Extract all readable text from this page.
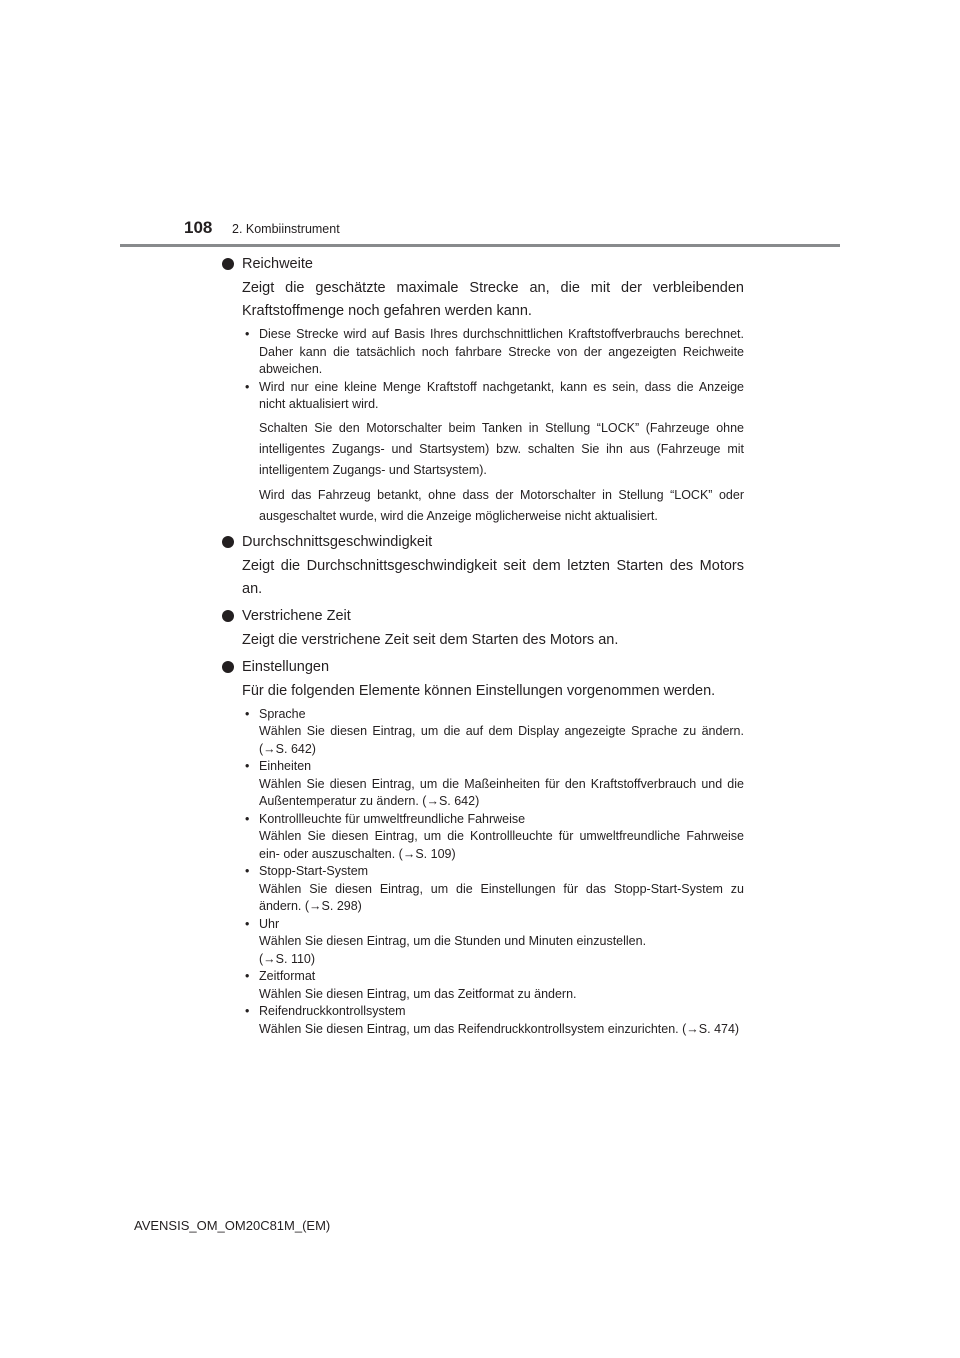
108 2. Kombiinstrument
Reichweite
Zeigt die geschätzte maximale Strecke an, die mit der verbleibenden Kraftstoffmenge noch gefahren werden kann.
• Diese Strecke wird auf Basis Ihres durchschnittlichen Kraftstoffverbrauchs berechnet. Daher kann die tatsächlich noch fahrbare Strecke von der angezeigten Reichweite abweichen.
• Wird nur eine kleine Menge Kraftstoff nachgetankt, kann es sein, dass die Anzeige nicht aktualisiert wird.
Schalten Sie den Motorschalter beim Tanken in Stellung “LOCK” (Fahrzeuge ohne intelligentes Zugangs- und Startsystem) bzw. schalten Sie ihn aus (Fahrzeuge mit intelligentem Zugangs- und Startsystem).
Wird das Fahrzeug betankt, ohne dass der Motorschalter in Stellung “LOCK” oder ausgeschaltet wurde, wird die Anzeige möglicherweise nicht aktualisiert.
Durchschnittsgeschwindigkeit
Zeigt die Durchschnittsgeschwindigkeit seit dem letzten Starten des Motors an.
Verstrichene Zeit
Zeigt die verstrichene Zeit seit dem Starten des Motors an.
Einstellungen
Für die folgenden Elemente können Einstellungen vorgenommen werden.
• Sprache
Wählen Sie diesen Eintrag, um die auf dem Display angezeigte Sprache zu ändern. (→S. 642)
• Einheiten
Wählen Sie diesen Eintrag, um die Maßeinheiten für den Kraftstoffverbrauch und die Außentemperatur zu ändern. (→S. 642)
• Kontrollleuchte für umweltfreundliche Fahrweise
Wählen Sie diesen Eintrag, um die Kontrollleuchte für umweltfreundliche Fahrweise ein- oder auszuschalten. (→S. 109)
• Stopp-Start-System
Wählen Sie diesen Eintrag, um die Einstellungen für das Stopp-Start-System zu ändern. (→S. 298)
• Uhr
Wählen Sie diesen Eintrag, um die Stunden und Minuten einzustellen.
(→S. 110)
• Zeitformat
Wählen Sie diesen Eintrag, um das Zeitformat zu ändern.
• Reifendruckkontrollsystem
Wählen Sie diesen Eintrag, um das Reifendruckkontrollsystem einzurichten. (→S. 474)
AVENSIS_OM_OM20C81M_(EM)
